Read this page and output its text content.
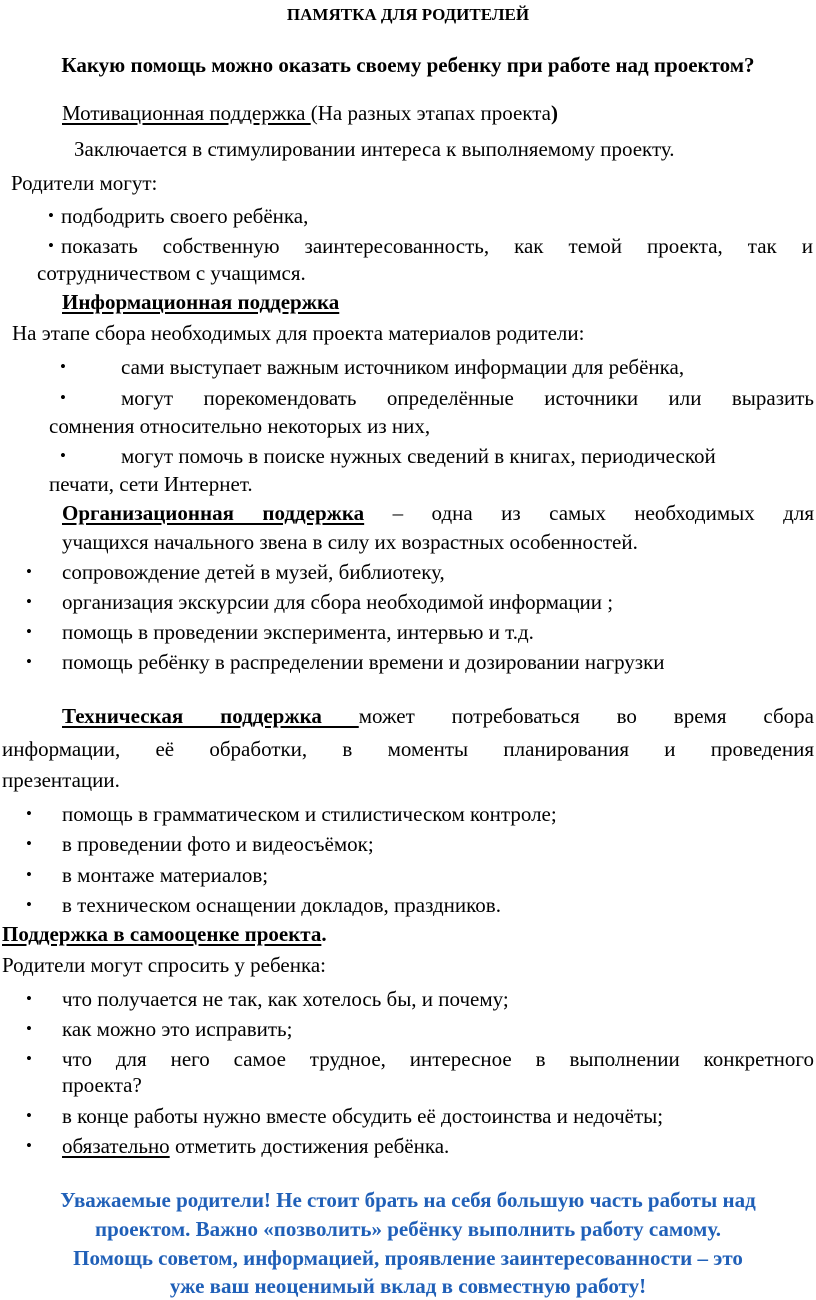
ПАМЯТКА ДЛЯ РОДИТЕЛЕЙ
Какую помощь можно оказать своему ребенку при работе над проектом?
Мотивационная поддержка (На разных этапах проекта)
Заключается в стимулировании интереса к выполняемому проекту.
Родители могут:
• подбодрить своего ребёнка,
• показать собственную заинтересованность, как темой проекта, так и
сотрудничеством с учащимся.
Информационная поддержка
На этапе сбора необходимых для проекта материалов родители:
•	сами выступает важным источником информации для ребёнка,
•	могут порекомендовать определённые источники или выразить
сомнения относительно некоторых из них,
•	могут помочь в поиске нужных сведений в книгах, периодической
печати, сети Интернет.
Организационная поддержка – одна из самых необходимых для
учащихся начального звена в силу их возрастных особенностей.
• сопровождение детей в музей, библиотеку,
• организация экскурсии для сбора необходимой информации ;
• помощь в проведении эксперимента, интервью и т.д.
• помощь ребёнку в распределении времени и дозировании нагрузки
Техническая поддержка может потребоваться во время сбора
информации, её обработки, в моменты планирования и проведения
презентации.
• помощь в грамматическом и стилистическом контроле;
• в проведении фото и видеосъёмок;
• в монтаже материалов;
• в техническом оснащении докладов, праздников.
Поддержка в самооценке проекта.
Родители могут спросить у ребенка:
• что получается не так, как хотелось бы, и почему;
• как можно это исправить;
• что для него самое трудное, интересное в выполнении конкретного
проекта?
• в конце работы нужно вместе обсудить её достоинства и недочёты;
• обязательно отметить достижения ребёнка.
Уважаемые родители! Не стоит брать на себя большую часть работы над
проектом. Важно «позволить» ребёнку выполнить работу самому.
Помощь советом, информацией, проявление заинтересованности – это
уже ваш неоценимый вклад в совместную работу!
